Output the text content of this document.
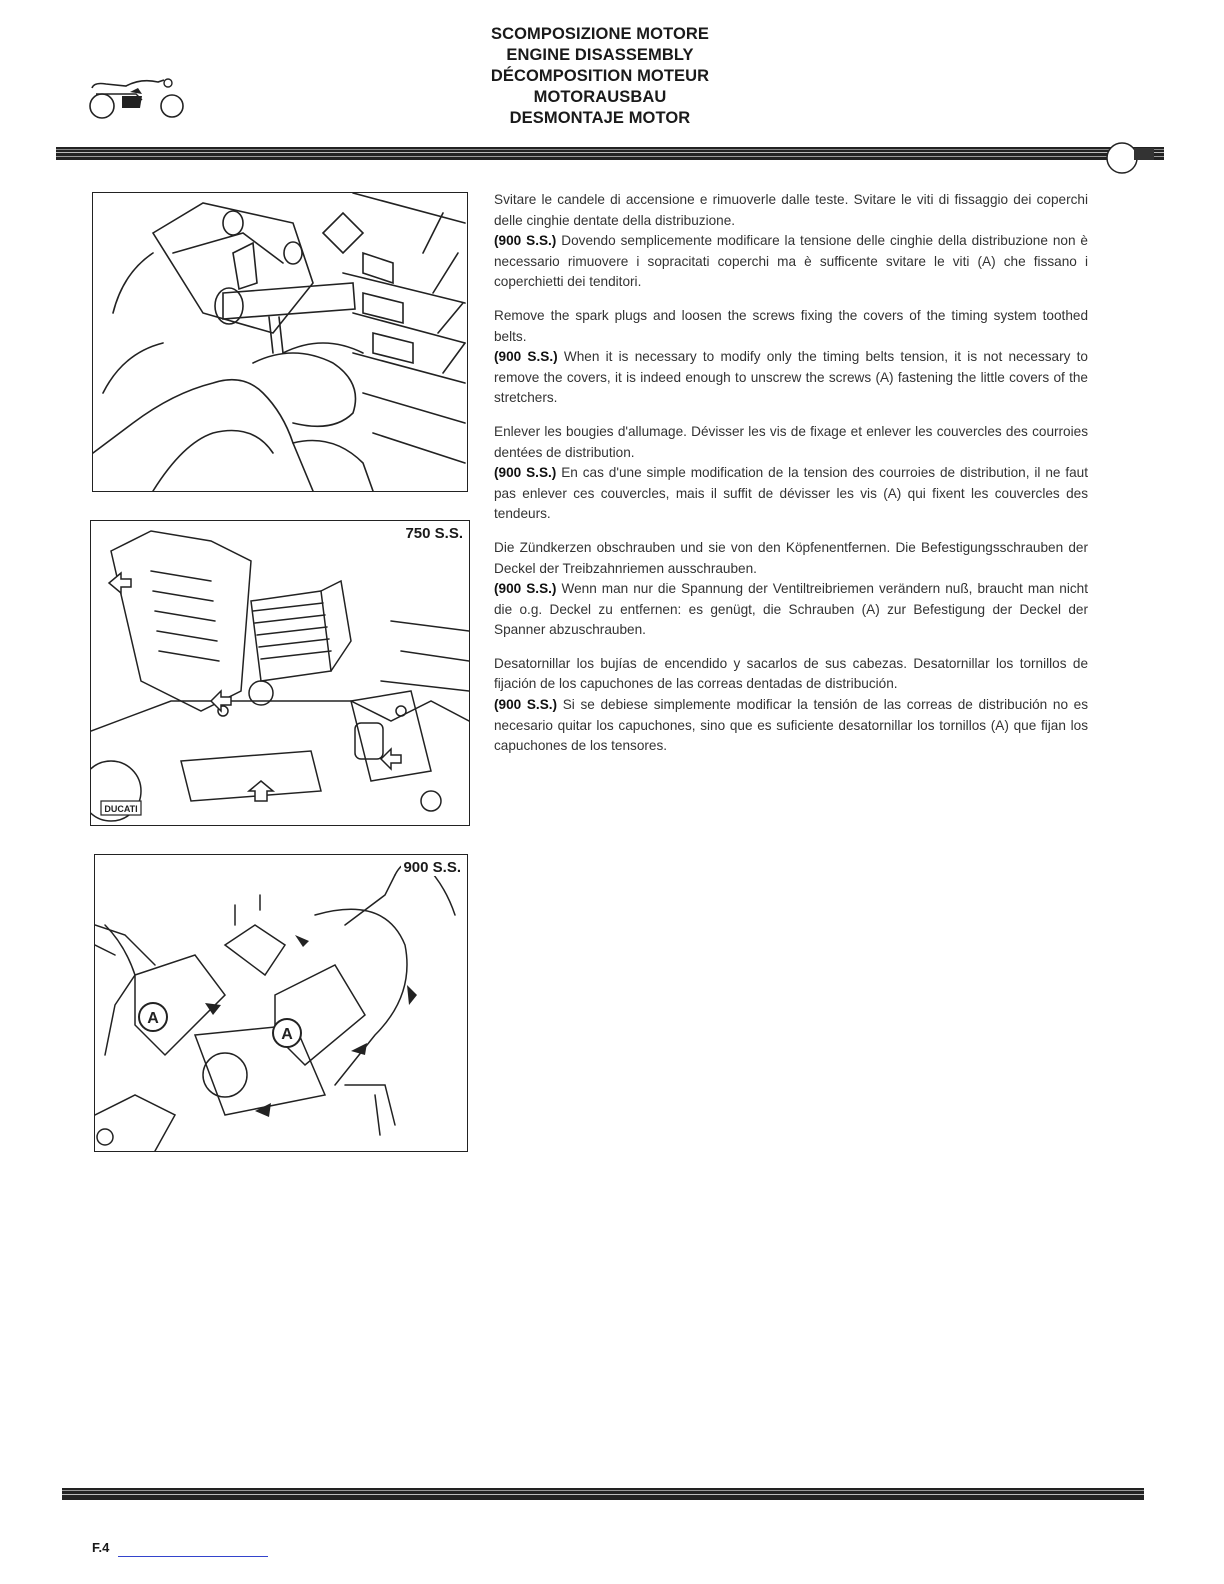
SCOMPOSIZIONE MOTORE
ENGINE DISASSEMBLY
DÉCOMPOSITION MOTEUR
MOTORAUSBAU
DESMONTAJE MOTOR
DUCATI
750 S.S.
A
A
900 S.S.

Svitare le candele di accensione e rimuoverle dalle teste. Svitare le viti di fissaggio dei coperchi delle cinghie dentate della distribuzione.
(900 S.S.) Dovendo semplicemente modificare la tensione delle cinghie della distribuzione non è necessario rimuovere i sopracitati coperchi ma è sufficente svitare le viti (A) che fissano i coperchietti dei tenditori.

Remove the spark plugs and loosen the screws fixing the covers of the timing system toothed belts.
(900 S.S.) When it is necessary to modify only the timing belts tension, it is not necessary to remove the covers, it is indeed enough to unscrew the screws (A) fastening the little covers of the stretchers.

Enlever les bougies d'allumage. Dévisser les vis de fixage et enlever les couvercles des courroies dentées de distribution.
(900 S.S.) En cas d'une simple modification de la tension des courroies de distribution, il ne faut pas enlever ces couvercles, mais il suffit de dévisser les vis (A) qui fixent les couvercles des tendeurs.

Die Zündkerzen obschrauben und sie von den Köpfenentfernen. Die Befestigungsschrauben der Deckel der Treibzahnriemen ausschrauben.
(900 S.S.) Wenn man nur die Spannung der Ventiltreibriemen verändern nuß, braucht man nicht die o.g. Deckel zu entfernen: es genügt, die Schrauben (A) zur Befestigung der Deckel der Spanner abzuschrauben.

Desatornillar los bujías de encendido y sacarlos de sus cabezas. Desatornillar los tornillos de fijación de los capuchones de las correas dentadas de distribución.
(900 S.S.) Si se debiese simplemente modificar la tensión de las correas de distribución no es necesario quitar los capuchones, sino que es suficiente desatornillar los tornillos (A) que fijan los capuchones de los tensores.

F.4
